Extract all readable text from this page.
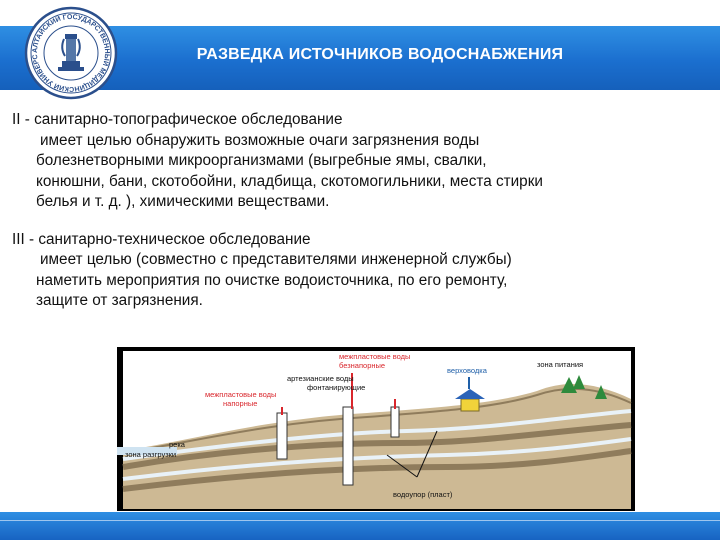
РАЗВЕДКА ИСТОЧНИКОВ ВОДОСНАБЖЕНИЯ
АЛТАЙСКИЙ ГОСУДАРСТВЕННЫЙ МЕДИЦИНСКИЙ УНИВЕРС

II - санитарно-топографическое обследование

имеет целью обнаружить возможные очаги загрязнения воды

болезнетворными микроорганизмами (выгребные ямы, свалки,

конюшни, бани, скотобойни, кладбища, скотомогильники, места стирки

белья и т. д. ), химическими веществами.

III - санитарно-техническое обследование

имеет целью (совместно с представителями инженерной службы)

наметить мероприятия по очистке водоисточника, по его ремонту,

защите от загрязнения.

межпластовые воды
безнапорные
артезианские воды
фонтанирующие
верховодка
зона питания
межпластовые воды
напорные
река
зона разгрузки
водоупор (пласт)
